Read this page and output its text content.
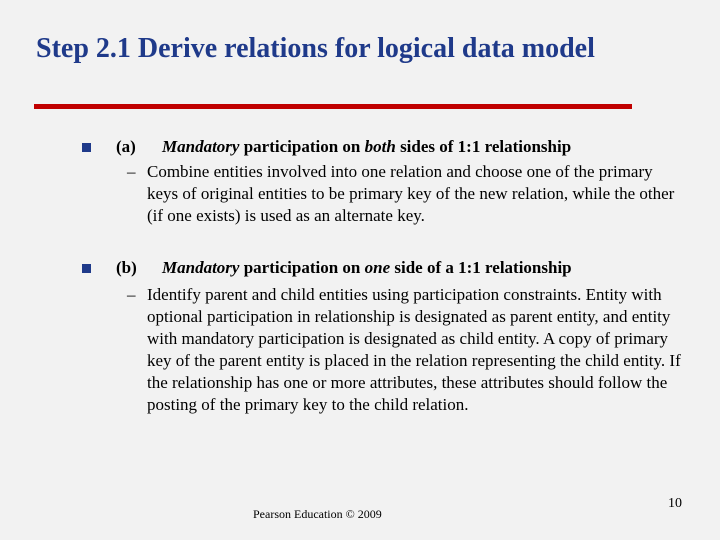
Step 2.1 Derive relations for logical data model
(a) Mandatory participation on both sides of 1:1 relationship
– Combine entities involved into one relation and choose one of the primary keys of original entities to be primary key of the new relation, while the other (if one exists) is used as an alternate key.
(b) Mandatory participation on one side of a 1:1 relationship
– Identify parent and child entities using participation constraints. Entity with optional participation in relationship is designated as parent entity, and entity with mandatory participation is designated as child entity. A copy of primary key of the parent entity is placed in the relation representing the child entity. If the relationship has one or more attributes, these attributes should follow the posting of the primary key to the child relation.
Pearson Education © 2009
10
